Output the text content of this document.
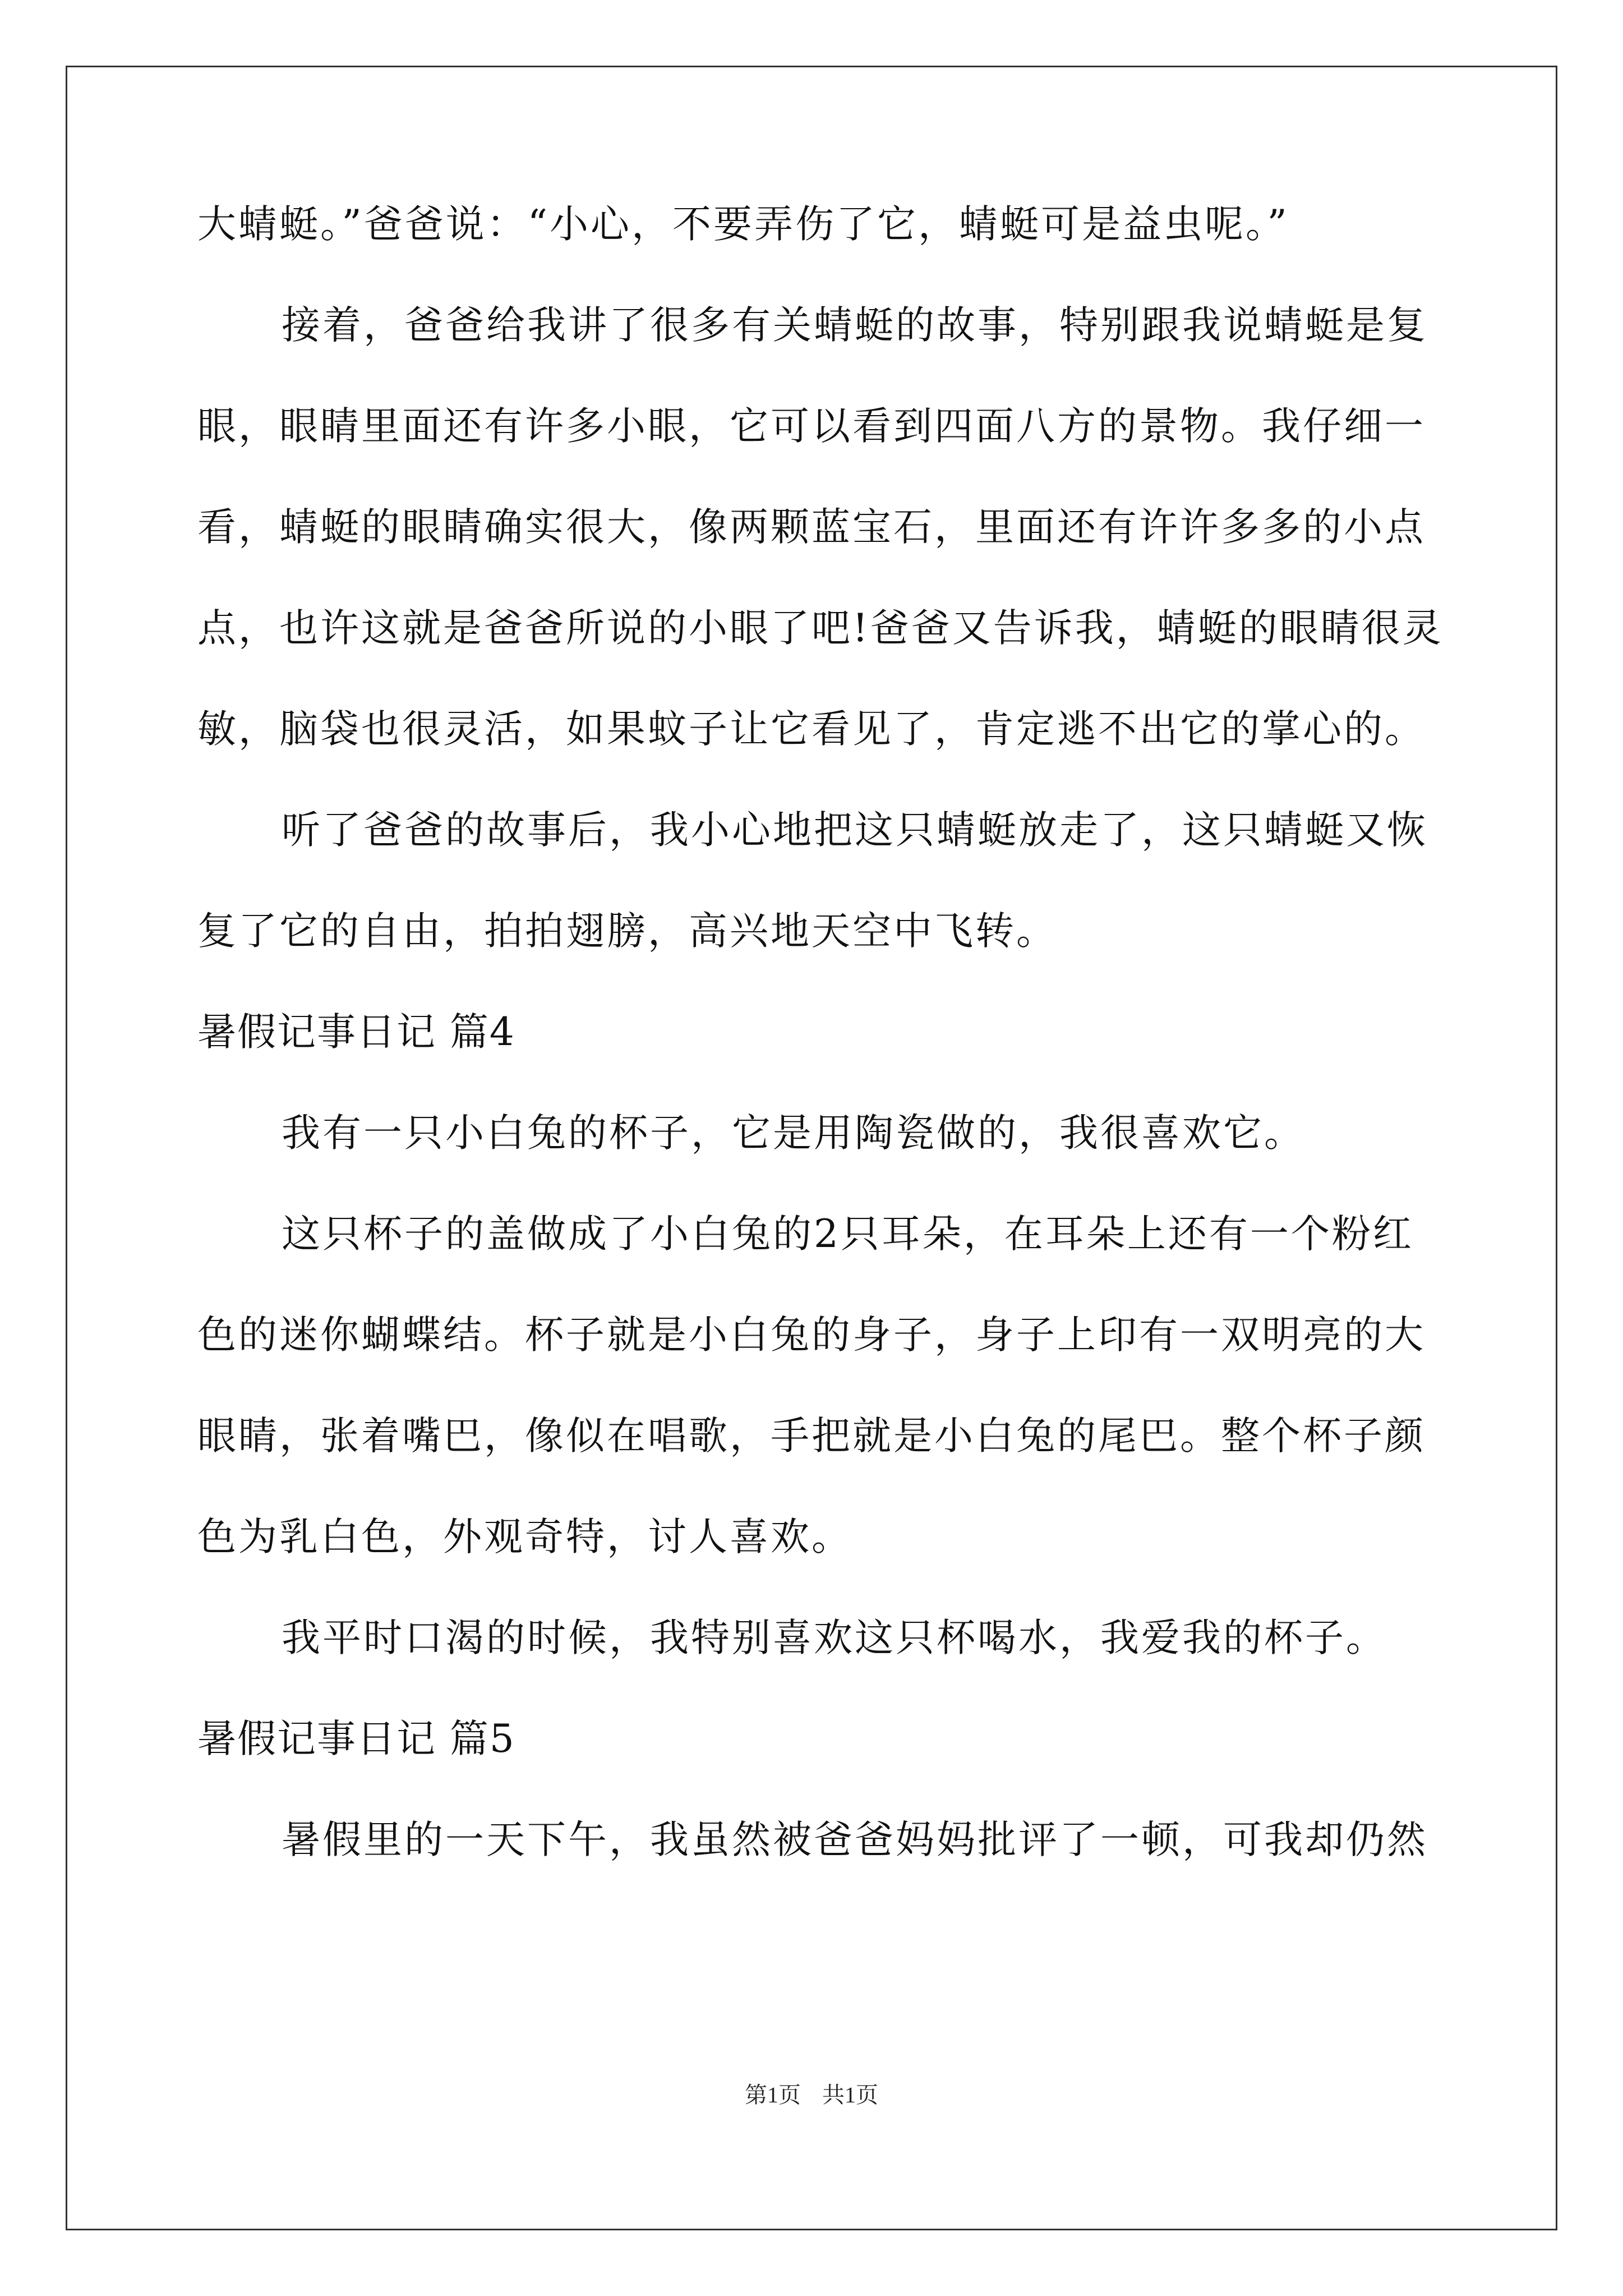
大蜻蜓。”爸爸说：“小心，不要弄伤了它，蜻蜓可是益虫呢。”
接着，爸爸给我讲了很多有关蜻蜓的故事，特别跟我说蜻蜓是复
眼，眼睛里面还有许多小眼，它可以看到四面八方的景物。我仔细一
看，蜻蜓的眼睛确实很大，像两颗蓝宝石，里面还有许许多多的小点
点，也许这就是爸爸所说的小眼了吧!爸爸又告诉我，蜻蜓的眼睛很灵
敏，脑袋也很灵活，如果蚊子让它看见了，肯定逃不出它的掌心的。
听了爸爸的故事后，我小心地把这只蜻蜓放走了，这只蜻蜓又恢
复了它的自由，拍拍翅膀，高兴地天空中飞转。
暑假记事日记 篇4
我有一只小白兔的杯子，它是用陶瓷做的，我很喜欢它。
这只杯子的盖做成了小白兔的2只耳朵，在耳朵上还有一个粉红
色的迷你蝴蝶结。杯子就是小白兔的身子，身子上印有一双明亮的大
眼睛，张着嘴巴，像似在唱歌，手把就是小白兔的尾巴。整个杯子颜
色为乳白色，外观奇特，讨人喜欢。
我平时口渴的时候，我特别喜欢这只杯喝水，我爱我的杯子。
暑假记事日记 篇5
暑假里的一天下午，我虽然被爸爸妈妈批评了一顿，可我却仍然
第1页 共1页
